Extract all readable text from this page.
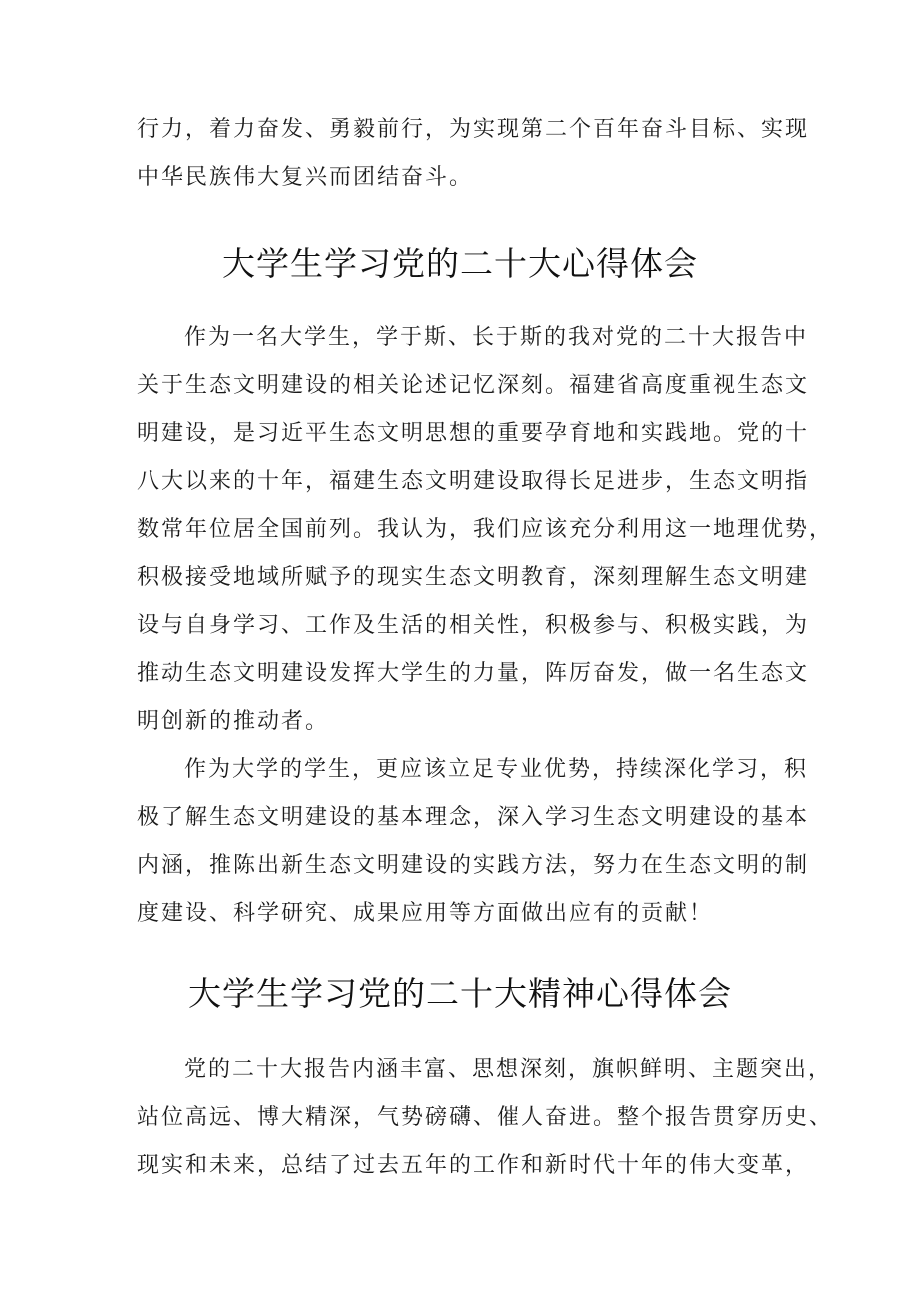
行力，着力奋发、勇毅前行，为实现第二个百年奋斗目标、实现
中华民族伟大复兴而团结奋斗。
大学生学习党的二十大心得体会
作为一名大学生，学于斯、长于斯的我对党的二十大报告中
关于生态文明建设的相关论述记忆深刻。福建省高度重视生态文
明建设，是习近平生态文明思想的重要孕育地和实践地。党的十
八大以来的十年，福建生态文明建设取得长足进步，生态文明指
数常年位居全国前列。我认为，我们应该充分利用这一地理优势，
积极接受地域所赋予的现实生态文明教育，深刻理解生态文明建
设与自身学习、工作及生活的相关性，积极参与、积极实践，为
推动生态文明建设发挥大学生的力量，阵厉奋发，做一名生态文
明创新的推动者。
作为大学的学生，更应该立足专业优势，持续深化学习，积
极了解生态文明建设的基本理念，深入学习生态文明建设的基本
内涵，推陈出新生态文明建设的实践方法，努力在生态文明的制
度建设、科学研究、成果应用等方面做出应有的贡献！
大学生学习党的二十大精神心得体会
党的二十大报告内涵丰富、思想深刻，旗帜鲜明、主题突出，
站位高远、博大精深，气势磅礴、催人奋进。整个报告贯穿历史、
现实和未来，总结了过去五年的工作和新时代十年的伟大变革，
